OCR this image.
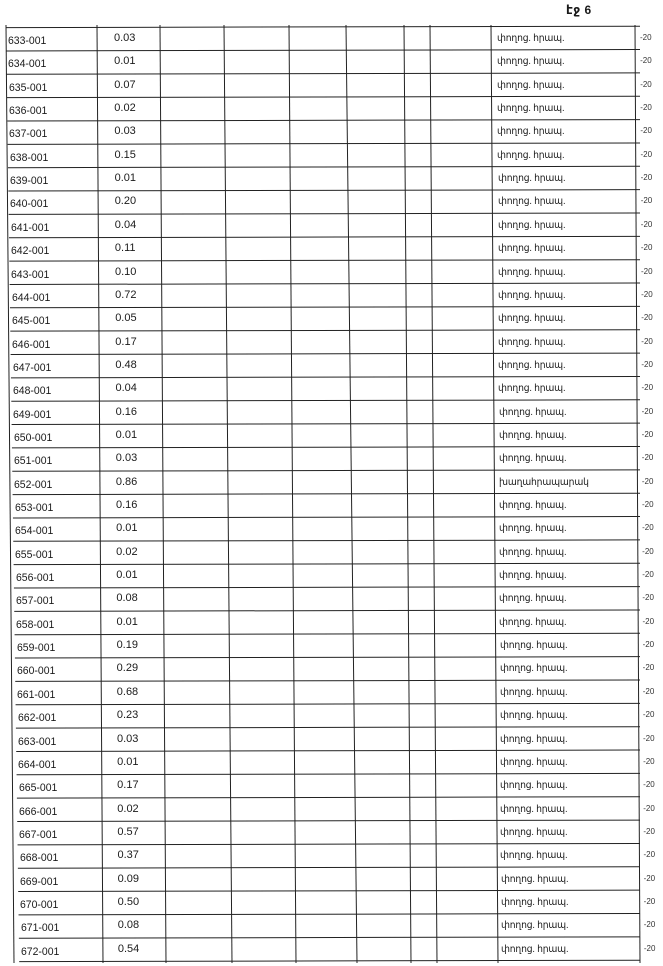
էջ 6
633-001	0.03	փողոց. հրապ.	-20
634-001	0.01	փողոց. հրապ.	-20
635-001	0.07	փողոց. հրապ.	-20
636-001	0.02	փողոց. հրապ.	-20
637-001	0.03	փողոց. հրապ.	-20
638-001	0.15	փողոց. հրապ.	-20
639-001	0.01	փողոց. հրապ.	-20
640-001	0.20	փողոց. հրապ.	-20
641-001	0.04	փողոց. հրապ.	-20
642-001	0.11	փողոց. հրապ.	-20
643-001	0.10	փողոց. հրապ.	-20
644-001	0.72	փողոց. հրապ.	-20
645-001	0.05	փողոց. հրապ.	-20
646-001	0.17	փողոց. հրապ.	-20
647-001	0.48	փողոց. հրապ.	-20
648-001	0.04	փողոց. հրապ.	-20
649-001	0.16	փողոց. հրապ.	-20
650-001	0.01	փողոց. հրապ.	-20
651-001	0.03	փողոց. հրապ.	-20
652-001	0.86	խաղահրապարակ	-20
653-001	0.16	փողոց. հրապ.	-20
654-001	0.01	փողոց. հրապ.	-20
655-001	0.02	փողոց. հրապ.	-20
656-001	0.01	փողոց. հրապ.	-20
657-001	0.08	փողոց. հրապ.	-20
658-001	0.01	փողոց. հրապ.	-20
659-001	0.19	փողոց. հրապ.	-20
660-001	0.29	փողոց. հրապ.	-20
661-001	0.68	փողոց. հրապ.	-20
662-001	0.23	փողոց. հրապ.	-20
663-001	0.03	փողոց. հրապ.	-20
664-001	0.01	փողոց. հրապ.	-20
665-001	0.17	փողոց. հրապ.	-20
666-001	0.02	փողոց. հրապ.	-20
667-001	0.57	փողոց. հրապ.	-20
668-001	0.37	փողոց. հրապ.	-20
669-001	0.09	փողոց. հրապ.	-20
670-001	0.50	փողոց. հրապ.	-20
671-001	0.08	փողոց. հրապ.	-20
672-001	0.54	փողոց. հրապ.	-20
